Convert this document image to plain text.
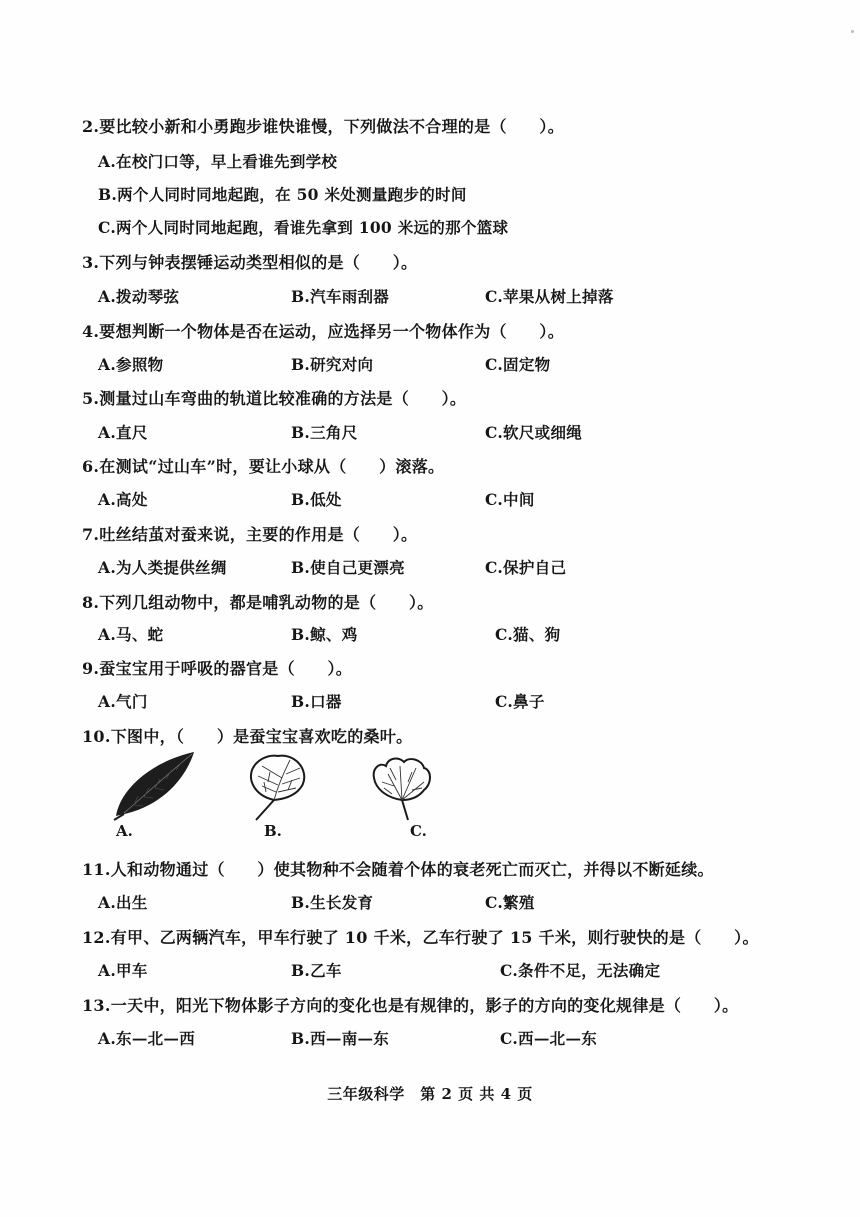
2.要比较小新和小勇跑步谁快谁慢，下列做法不合理的是（　　）。
A.在校门口等，早上看谁先到学校
B.两个人同时同地起跑，在 50 米处测量跑步的时间
C.两个人同时同地起跑，看谁先拿到 100 米远的那个篮球
3.下列与钟表摆锤运动类型相似的是（　　）。
A.拨动琴弦	B.汽车雨刮器	C.苹果从树上掉落
4.要想判断一个物体是否在运动，应选择另一个物体作为（　　）。
A.参照物	B.研究对向	C.固定物
5.测量过山车弯曲的轨道比较准确的方法是（　　）。
A.直尺	B.三角尺	C.软尺或细绳
6.在测试“过山车”时，要让小球从（　　）滚落。
A.高处	B.低处	C.中间
7.吐丝结茧对蚕来说，主要的作用是（　　）。
A.为人类提供丝绸	B.使自己更漂亮	C.保护自己
8.下列几组动物中，都是哺乳动物的是（　　）。
A.马、蛇	B.鲸、鸡	C.猫、狗
9.蚕宝宝用于呼吸的器官是（　　）。
A.气门	B.口器	C.鼻子
10.下图中，（　　）是蚕宝宝喜欢吃的桑叶。
A.	B.	C.
11.人和动物通过（　　）使其物种不会随着个体的衰老死亡而灭亡，并得以不断延续。
A.出生	B.生长发育	C.繁殖
12.有甲、乙两辆汽车，甲车行驶了 10 千米，乙车行驶了 15 千米，则行驶快的是（　　）。
A.甲车	B.乙车	C.条件不足，无法确定
13.一天中，阳光下物体影子方向的变化也是有规律的，影子的方向的变化规律是（　　）。
A.东—北—西	B.西—南—东	C.西—北—东
三年级科学　第 2 页 共 4 页
